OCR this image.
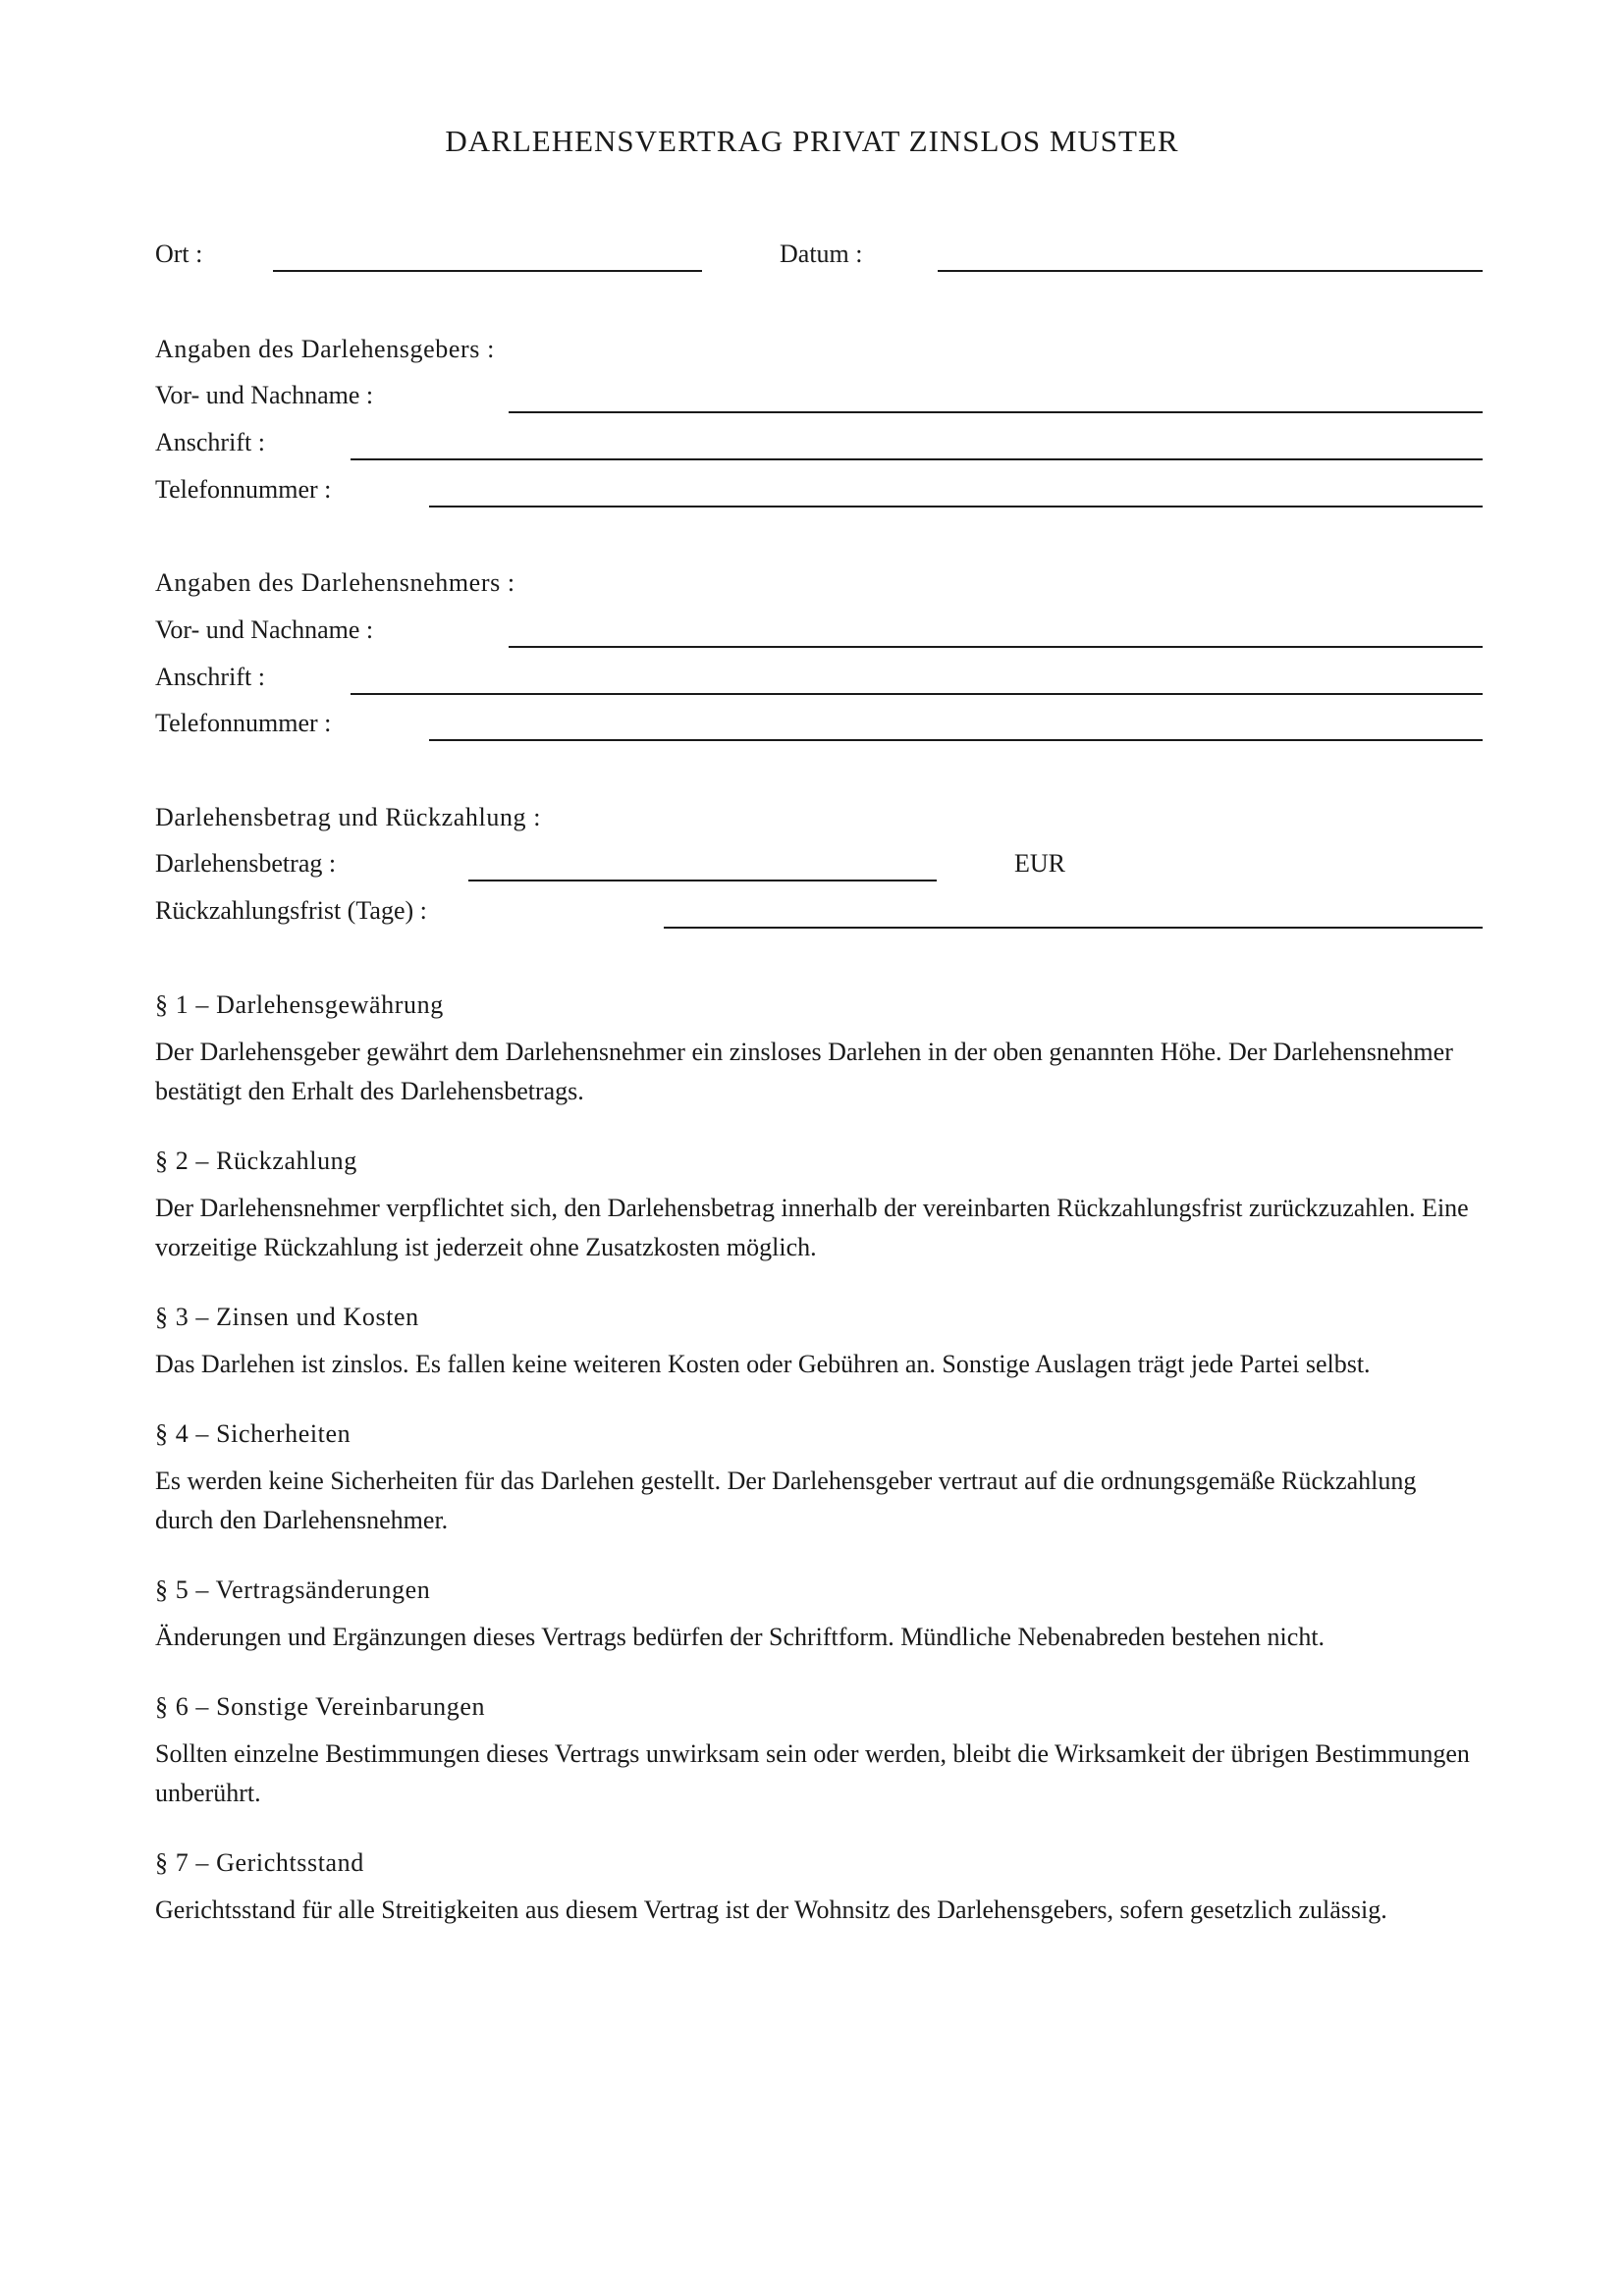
DARLEHENSVERTRAG PRIVAT ZINSLOS MUSTER
Ort :	Datum :
Angaben des Darlehensgebers :
Vor- und Nachname :
Anschrift :
Telefonnummer :
Angaben des Darlehensnehmers :
Vor- und Nachname :
Anschrift :
Telefonnummer :
Darlehensbetrag und Rückzahlung :
Darlehensbetrag :	EUR
Rückzahlungsfrist (Tage) :
§ 1 – Darlehensgewährung
Der Darlehensgeber gewährt dem Darlehensnehmer ein zinsloses Darlehen in der oben genannten Höhe. Der Darlehensnehmer bestätigt den Erhalt des Darlehensbetrags.
§ 2 – Rückzahlung
Der Darlehensnehmer verpflichtet sich, den Darlehensbetrag innerhalb der vereinbarten Rückzahlungsfrist zurückzuzahlen. Eine vorzeitige Rückzahlung ist jederzeit ohne Zusatzkosten möglich.
§ 3 – Zinsen und Kosten
Das Darlehen ist zinslos. Es fallen keine weiteren Kosten oder Gebühren an. Sonstige Auslagen trägt jede Partei selbst.
§ 4 – Sicherheiten
Es werden keine Sicherheiten für das Darlehen gestellt. Der Darlehensgeber vertraut auf die ordnungsgemäße Rückzahlung durch den Darlehensnehmer.
§ 5 – Vertragsänderungen
Änderungen und Ergänzungen dieses Vertrags bedürfen der Schriftform. Mündliche Nebenabreden bestehen nicht.
§ 6 – Sonstige Vereinbarungen
Sollten einzelne Bestimmungen dieses Vertrags unwirksam sein oder werden, bleibt die Wirksamkeit der übrigen Bestimmungen unberührt.
§ 7 – Gerichtsstand
Gerichtsstand für alle Streitigkeiten aus diesem Vertrag ist der Wohnsitz des Darlehensgebers, sofern gesetzlich zulässig.
